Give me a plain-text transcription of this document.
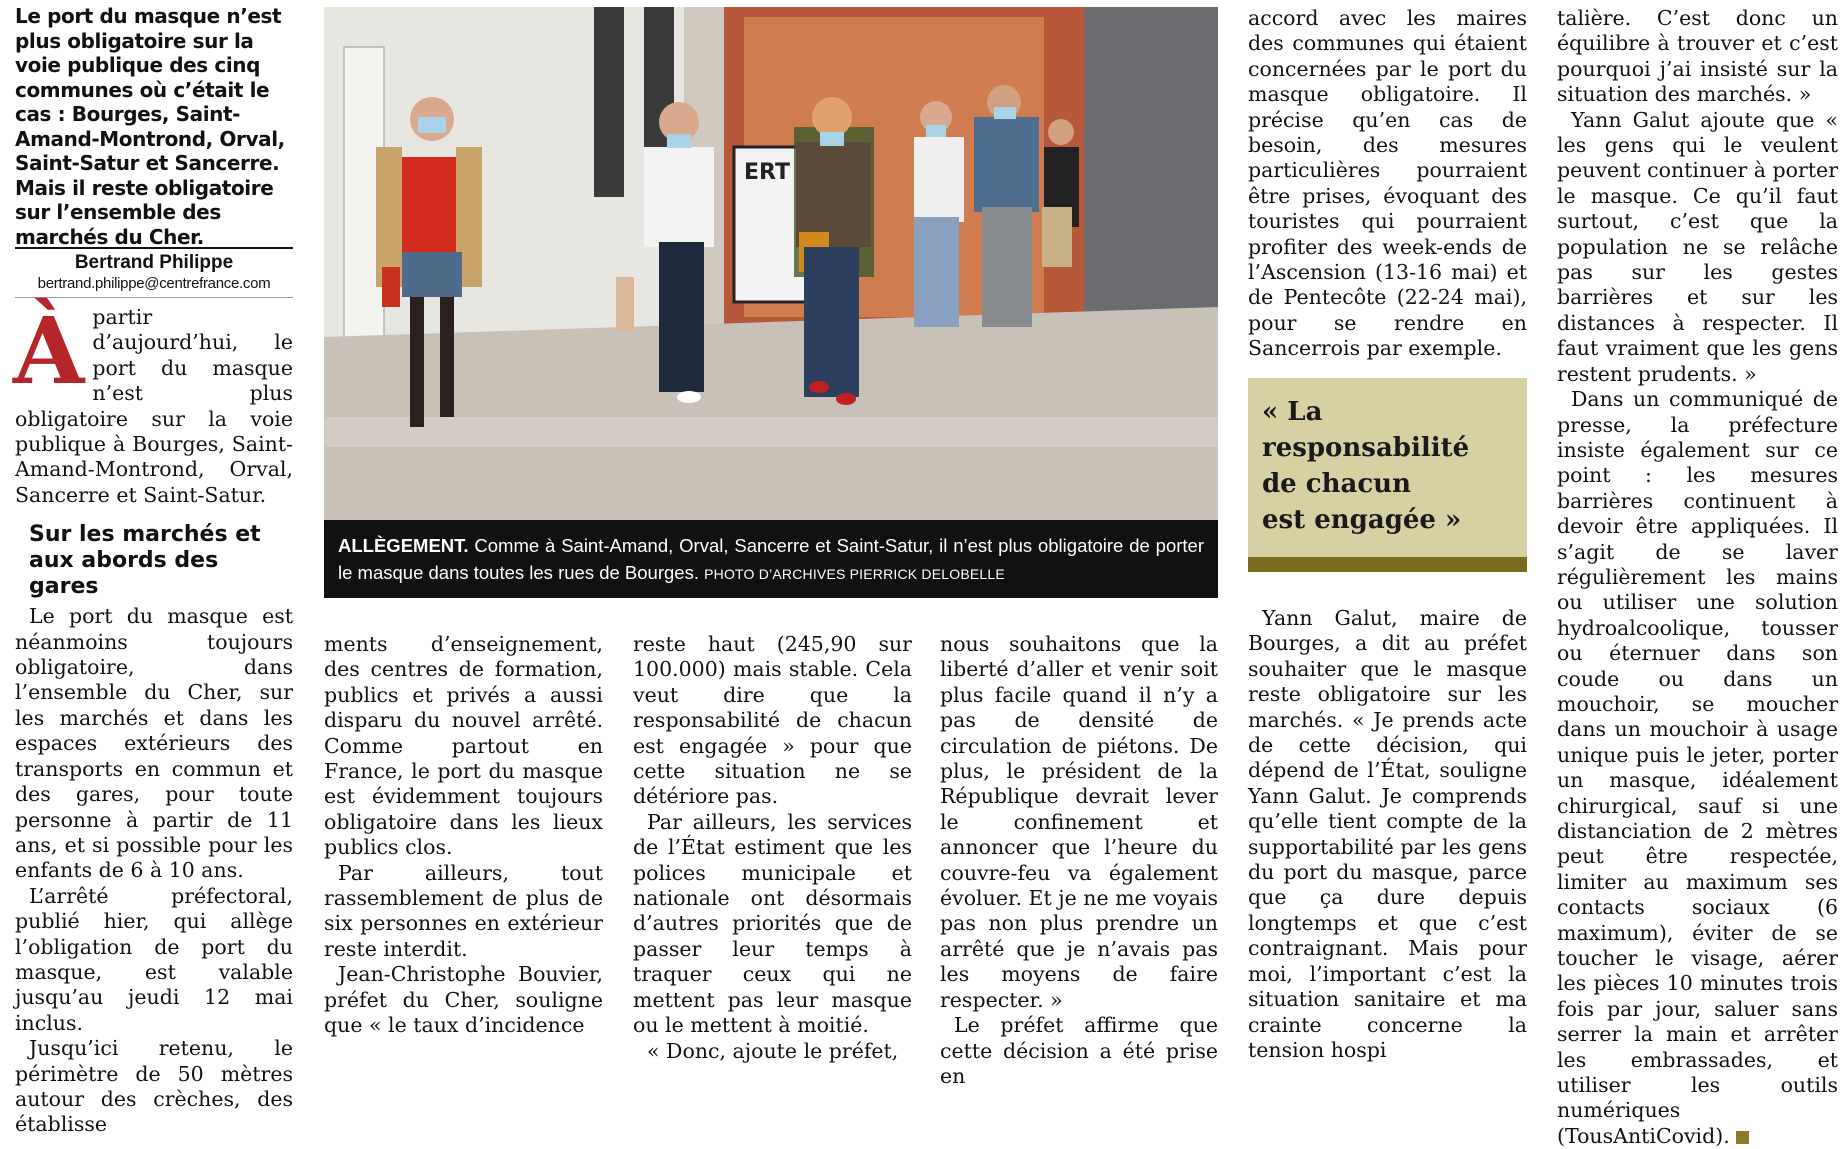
Le port du masque n’est plus obligatoire sur la voie publique des cinq communes où c’était le cas : Bourges, Saint-Amand-Montrond, Orval, Saint-Satur et Sancerre. Mais il reste obligatoire sur l’ensemble des marchés du Cher.
Bertrand Philippe
bertrand.philippe@centrefrance.com

Àpartir d’aujourd’hui, le port du masque n’est plus obligatoire sur la voie publique à Bourges, Saint-Amand-Montrond, Orval, Sancerre et Saint-Satur.

Sur les marchés et aux abords des gares

Le port du masque est néanmoins toujours obligatoire, dans l’ensemble du Cher, sur les marchés et dans les espaces extérieurs des transports en commun et des gares, pour toute personne à partir de 11 ans, et si possible pour les enfants de 6 à 10 ans.

L’arrêté préfectoral, publié hier, qui allège l’obligation de port du masque, est valable jusqu’au jeudi 12 mai inclus.

Jusqu’ici retenu, le périmètre de 50 mètres autour des crèches, des établisse

ERT
ALLÈGEMENT. Comme à Saint-Amand, Orval, Sancerre et Saint-Satur, il n’est plus obligatoire de porter le masque dans toutes les rues de Bourges. PHOTO D’ARCHIVES PIERRICK DELOBELLE

ments d’enseignement, des centres de formation, publics et privés a aussi disparu du nouvel arrêté. Comme partout en France, le port du masque est évidemment toujours obligatoire dans les lieux publics clos.

Par ailleurs, tout rassemblement de plus de six personnes en extérieur reste interdit.

Jean-Christophe Bouvier, préfet du Cher, souligne que « le taux d’incidence

reste haut (245,90 sur 100.000) mais stable. Cela veut dire que la responsabilité de chacun est engagée » pour que cette situation ne se détériore pas.

Par ailleurs, les services de l’État estiment que les polices municipale et nationale ont désormais d’autres priorités que de passer leur temps à traquer ceux qui ne mettent pas leur masque ou le mettent à moitié.

« Donc, ajoute le préfet,

nous souhaitons que la liberté d’aller et venir soit plus facile quand il n’y a pas de densité de circulation de piétons. De plus, le président de la République devrait lever le confinement et annoncer que l’heure du couvre-feu va également évoluer. Et je ne me voyais pas non plus prendre un arrêté que je n’avais pas les moyens de faire respecter. »

Le préfet affirme que cette décision a été prise en

accord avec les maires des communes qui étaient concernées par le port du masque obligatoire. Il précise qu’en cas de besoin, des mesures particulières pourraient être prises, évoquant des touristes qui pourraient profiter des week-ends de l’Ascension (13-16 mai) et de Pentecôte (22-24 mai), pour se rendre en Sancerrois par exemple.

« La
responsabilité
de chacun
est engagée »

Yann Galut, maire de Bourges, a dit au préfet souhaiter que le masque reste obligatoire sur les marchés. « Je prends acte de cette décision, qui dépend de l’État, souligne Yann Galut. Je comprends qu’elle tient compte de la supportabilité par les gens du port du masque, parce que ça dure depuis longtemps et que c’est contraignant. Mais pour moi, l’important c’est la situation sanitaire et ma crainte concerne la tension hospi

talière. C’est donc un équilibre à trouver et c’est pourquoi j’ai insisté sur la situation des marchés. »

Yann Galut ajoute que « les gens qui le veulent peuvent continuer à porter le masque. Ce qu’il faut surtout, c’est que la population ne se relâche pas sur les gestes barrières et sur les distances à respecter. Il faut vraiment que les gens restent prudents. »

Dans un communiqué de presse, la préfecture insiste également sur ce point : les mesures barrières continuent à devoir être appliquées. Il s’agit de se laver régulièrement les mains ou utiliser une solution hydroalcoolique, tousser ou éternuer dans son coude ou dans un mouchoir, se moucher dans un mouchoir à usage unique puis le jeter, porter un masque, idéalement chirurgical, sauf si une distanciation de 2 mètres peut être respectée, limiter au maximum ses contacts sociaux (6 maximum), éviter de se toucher le visage, aérer les pièces 10 minutes trois fois par jour, saluer sans serrer la main et arrêter les embrassades, et utiliser les outils numériques (TousAntiCovid).
